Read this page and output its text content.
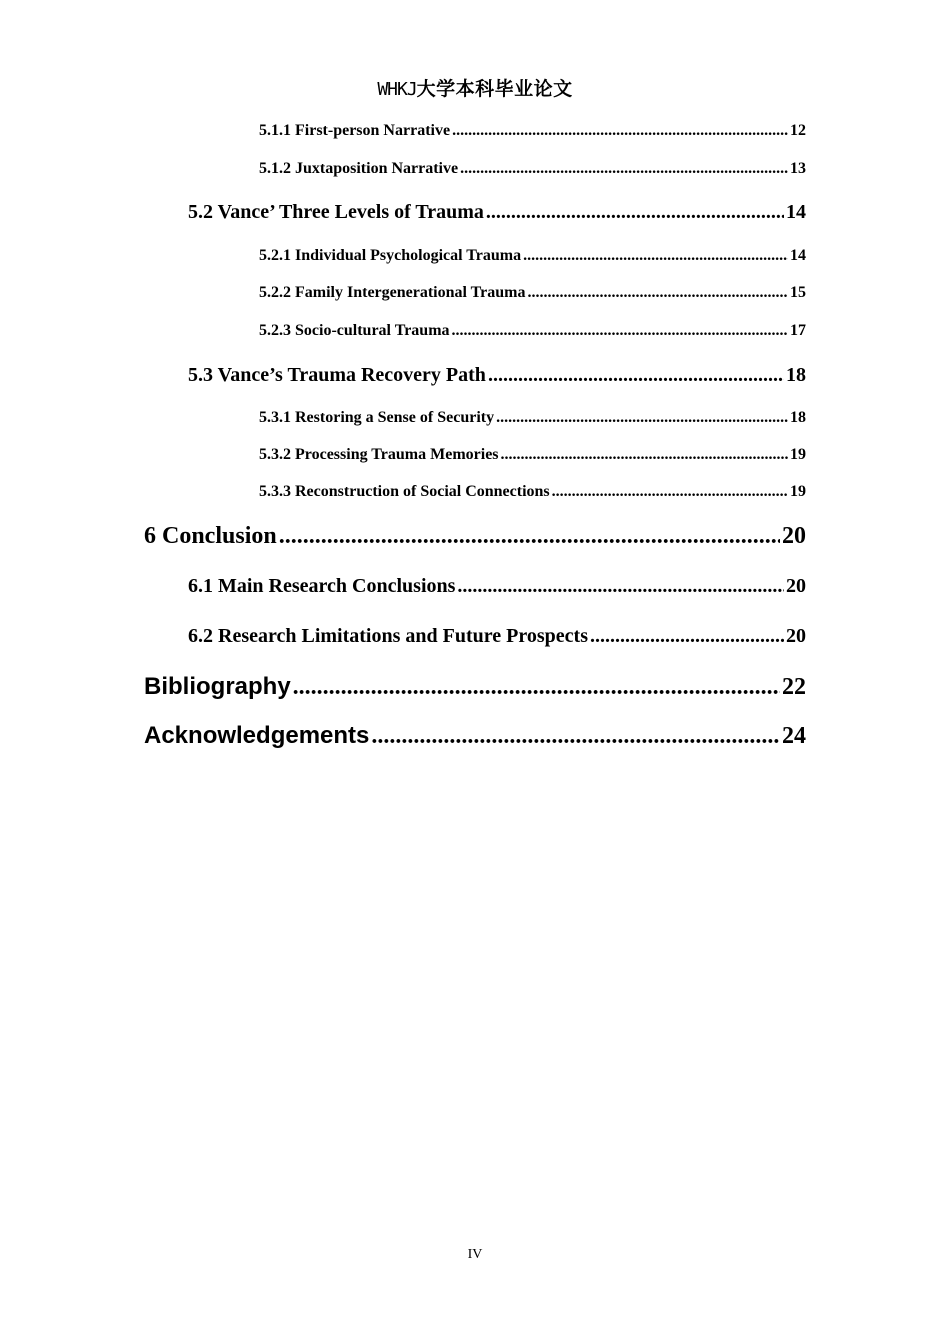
WHKJ大学本科毕业论文
5.1.1 First-person Narrative .....	12
5.1.2 Juxtaposition Narrative .....	13
5.2 Vance’ Three Levels of Trauma .....	14
5.2.1 Individual Psychological Trauma .....	14
5.2.2 Family Intergenerational Trauma .....	15
5.2.3 Socio-cultural Trauma .....	17
5.3 Vance’s Trauma Recovery Path .....	18
5.3.1 Restoring a Sense of Security .....	18
5.3.2 Processing Trauma Memories .....	19
5.3.3 Reconstruction of Social Connections .....	19
6 Conclusion .....	20
6.1 Main Research Conclusions .....	20
6.2 Research Limitations and Future Prospects .....	20
Bibliography .....	22
Acknowledgements .....	24
IV
